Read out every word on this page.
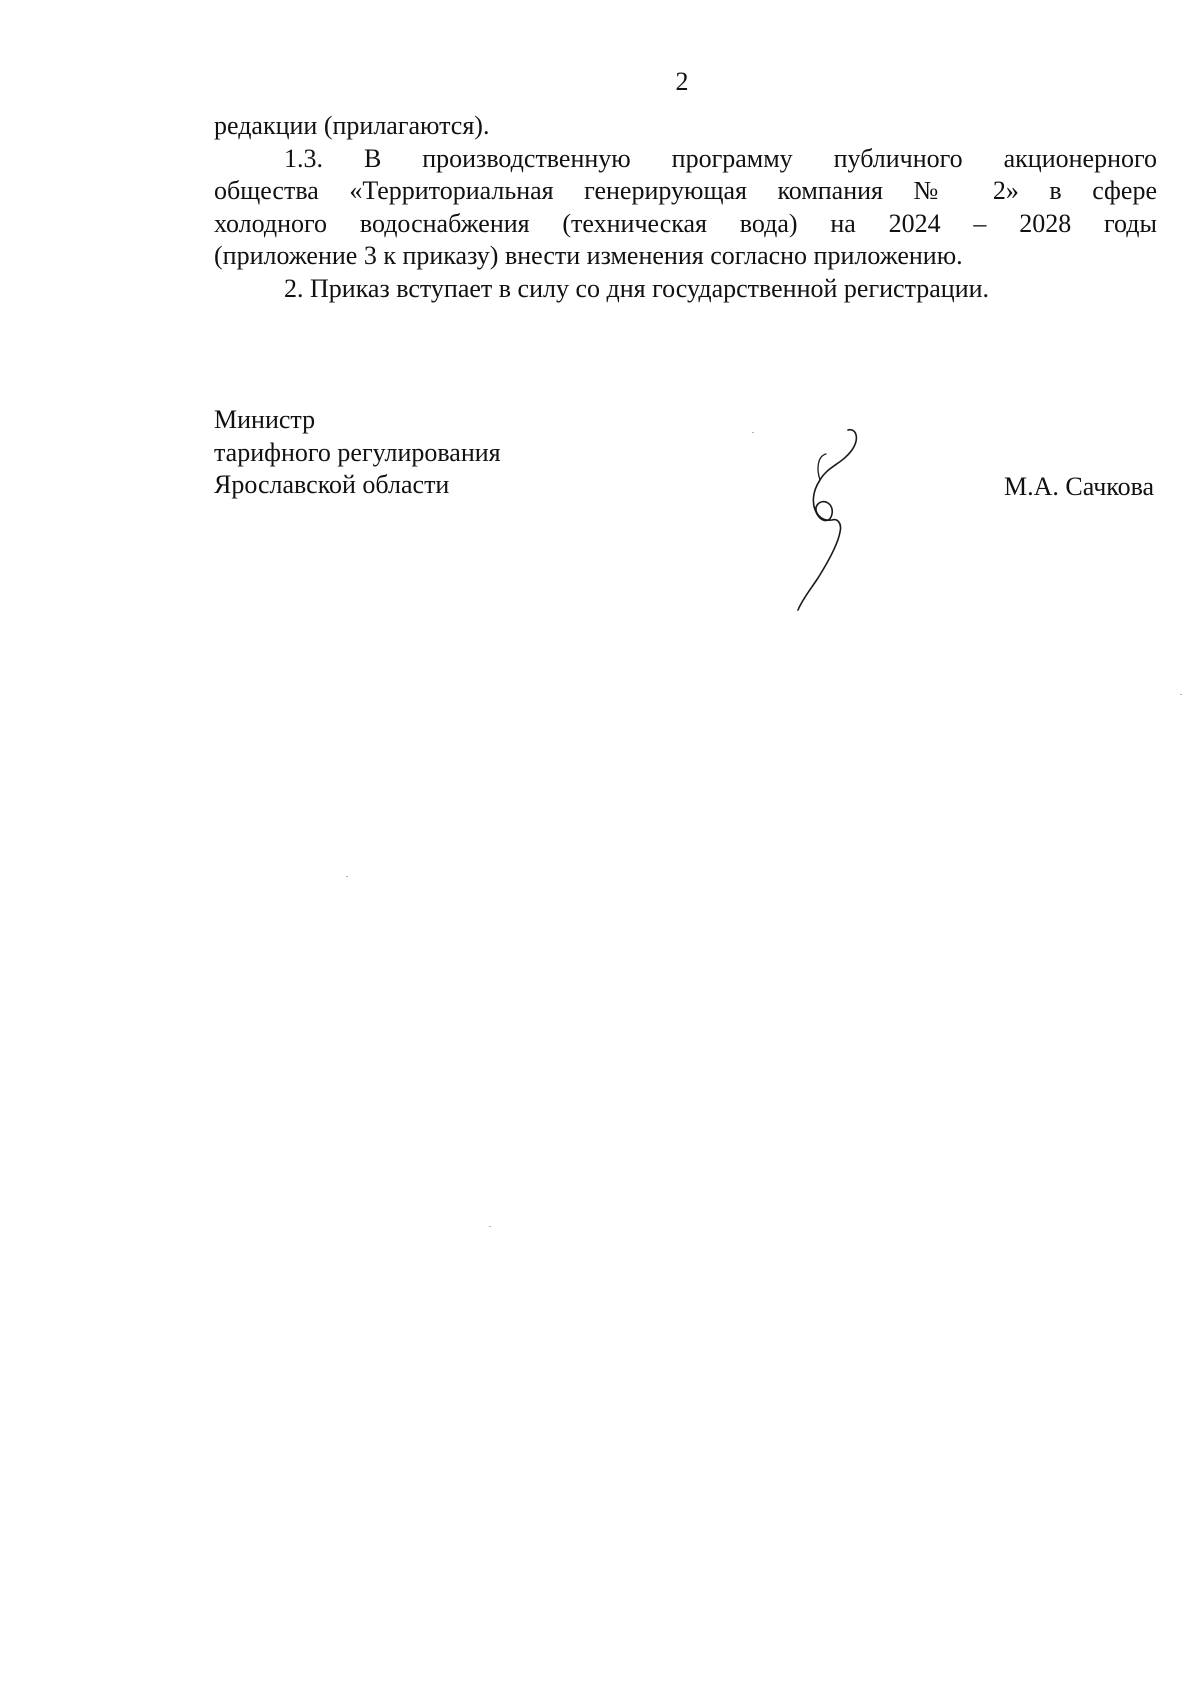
2
редакции (прилагаются).
1.3. В производственную программу публичного акционерного
общества «Территориальная генерирующая компания № 2» в сфере
холодного водоснабжения (техническая вода) на 2024 – 2028 годы
(приложение 3 к приказу) внести изменения согласно приложению.
2. Приказ вступает в силу со дня государственной регистрации.
Министр
тарифного регулирования
Ярославской области	М.А. Сачкова
